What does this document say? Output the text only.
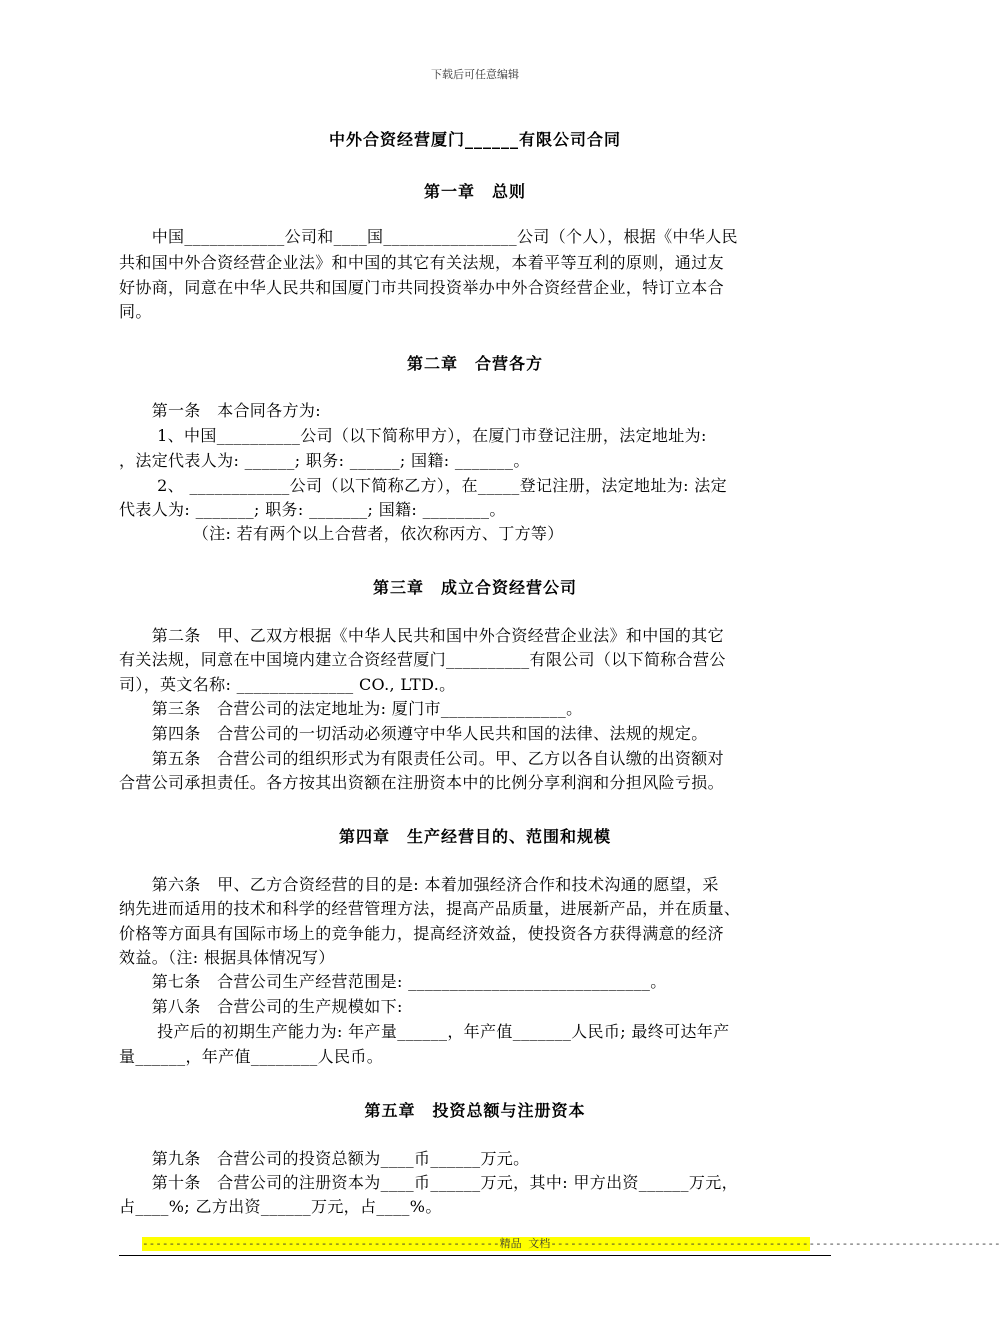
下载后可任意编辑
中外合资经营厦门______有限公司合同
第一章　总则
　　中国____________公司和____国________________公司（个人），根据《中华人民
共和国中外合资经营企业法》和中国的其它有关法规，本着平等互利的原则，通过友
好协商，同意在中华人民共和国厦门市共同投资举办中外合资经营企业，特订立本合
同。
第二章　合营各方
　　第一条　本合同各方为:
　　 1、中国__________公司（以下简称甲方），在厦门市登记注册，法定地址为:
，法定代表人为: ______; 职务: ______; 国籍: _______。
　　 2、 ____________公司（以下简称乙方），在_____登记注册，法定地址为: 法定
代表人为: _______; 职务: _______; 国籍: ________。
　　　　　（注: 若有两个以上合营者，依次称丙方、丁方等）
第三章　成立合资经营公司
　　第二条　甲、乙双方根据《中华人民共和国中外合资经营企业法》和中国的其它
有关法规，同意在中国境内建立合资经营厦门__________有限公司（以下简称合营公
司），英文名称: ______________ CO., LTD.。
　　第三条　合营公司的法定地址为: 厦门市_______________。
　　第四条　合营公司的一切活动必须遵守中华人民共和国的法律、法规的规定。
　　第五条　合营公司的组织形式为有限责任公司。甲、乙方以各自认缴的出资额对
合营公司承担责任。各方按其出资额在注册资本中的比例分享利润和分担风险亏损。
第四章　生产经营目的、范围和规模
　　第六条　甲、乙方合资经营的目的是: 本着加强经济合作和技术沟通的愿望，采
纳先进而适用的技术和科学的经营管理方法，提高产品质量，进展新产品，并在质量、
价格等方面具有国际市场上的竞争能力，提高经济效益，使投资各方获得满意的经济
效益。（注: 根据具体情况写）
　　第七条　合营公司生产经营范围是: _____________________________。
　　第八条　合营公司的生产规模如下:
　　 投产后的初期生产能力为: 年产量______，年产值_______人民币; 最终可达年产
量______，年产值________人民币。
第五章　投资总额与注册资本
　　第九条　合营公司的投资总额为____币______万元。
　　第十条　合营公司的注册资本为____币______万元，其中: 甲方出资______万元，
占____%; 乙方出资______万元，占____%。
------------------------------------------------------精品 文档--------------------------------------------------------------------
